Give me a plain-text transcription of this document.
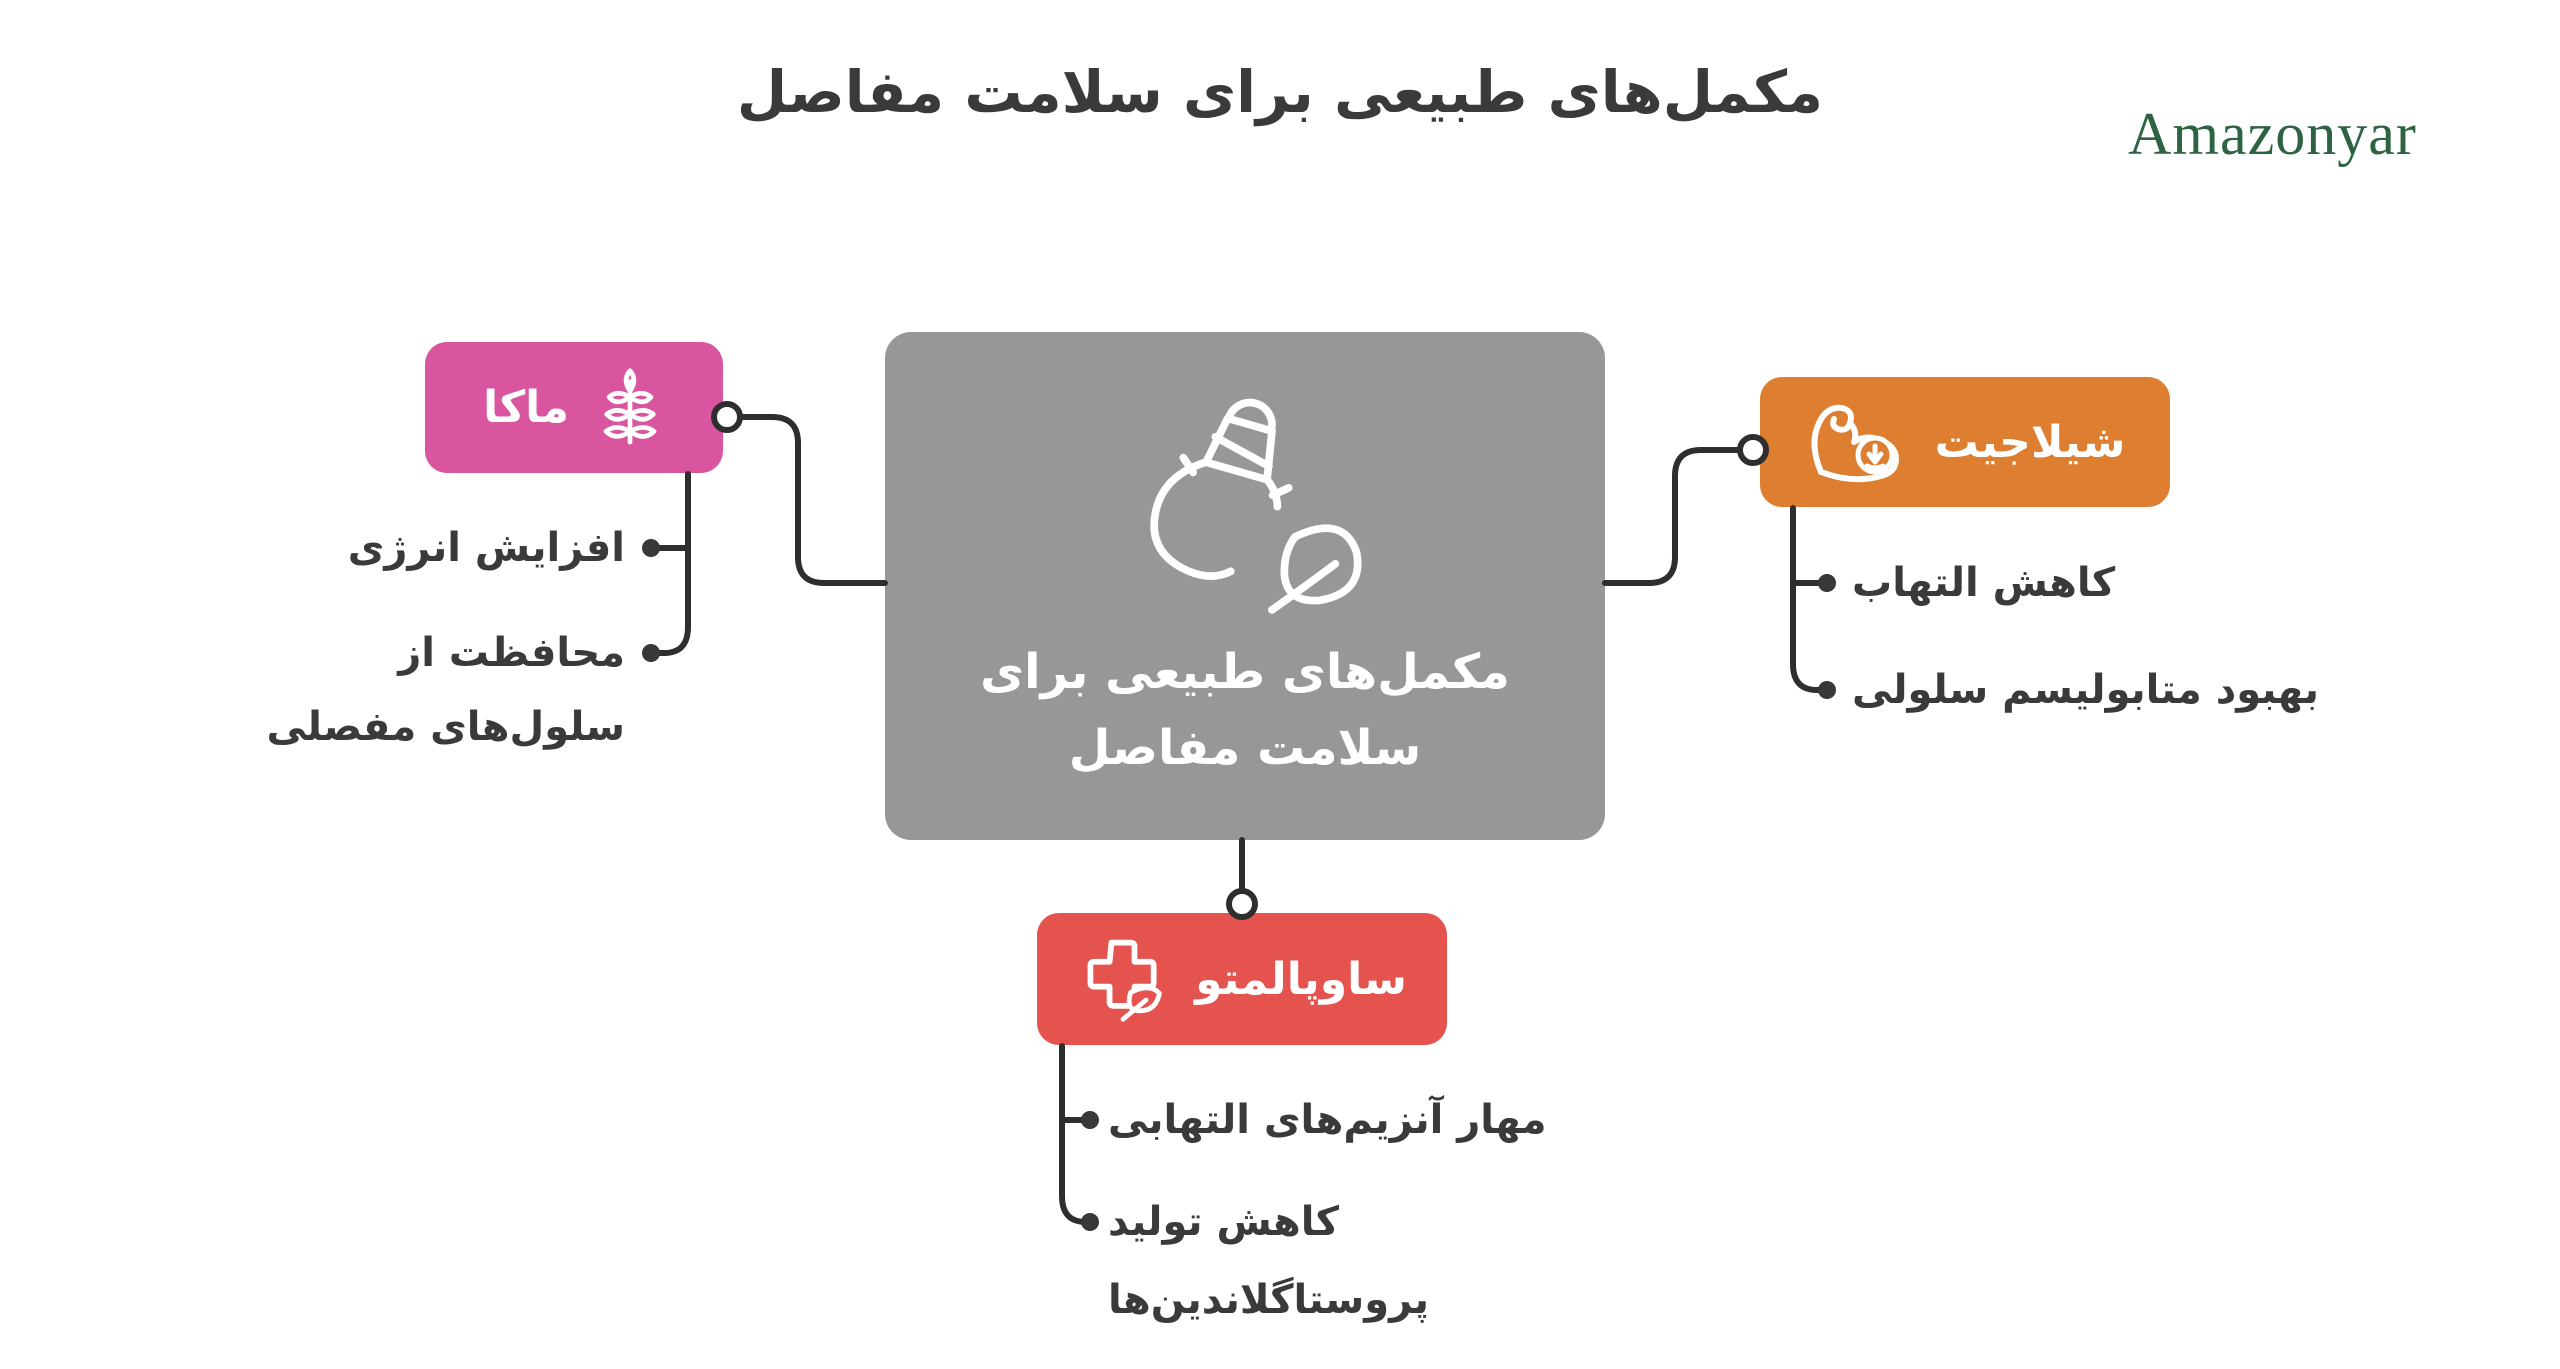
مکمل‌های طبیعی برای سلامت مفاصل
Amazonyar
مکمل‌های طبیعی برای
سلامت مفاصل
ماکا
افزایش انرژی
محافظت از سلول‌های مفصلی
شیلاجیت
کاهش التهاب
بهبود متابولیسم سلولی
ساوپالمتو
مهار آنزیم‌های التهابی
کاهش تولید پروستاگلاندین‌ها
